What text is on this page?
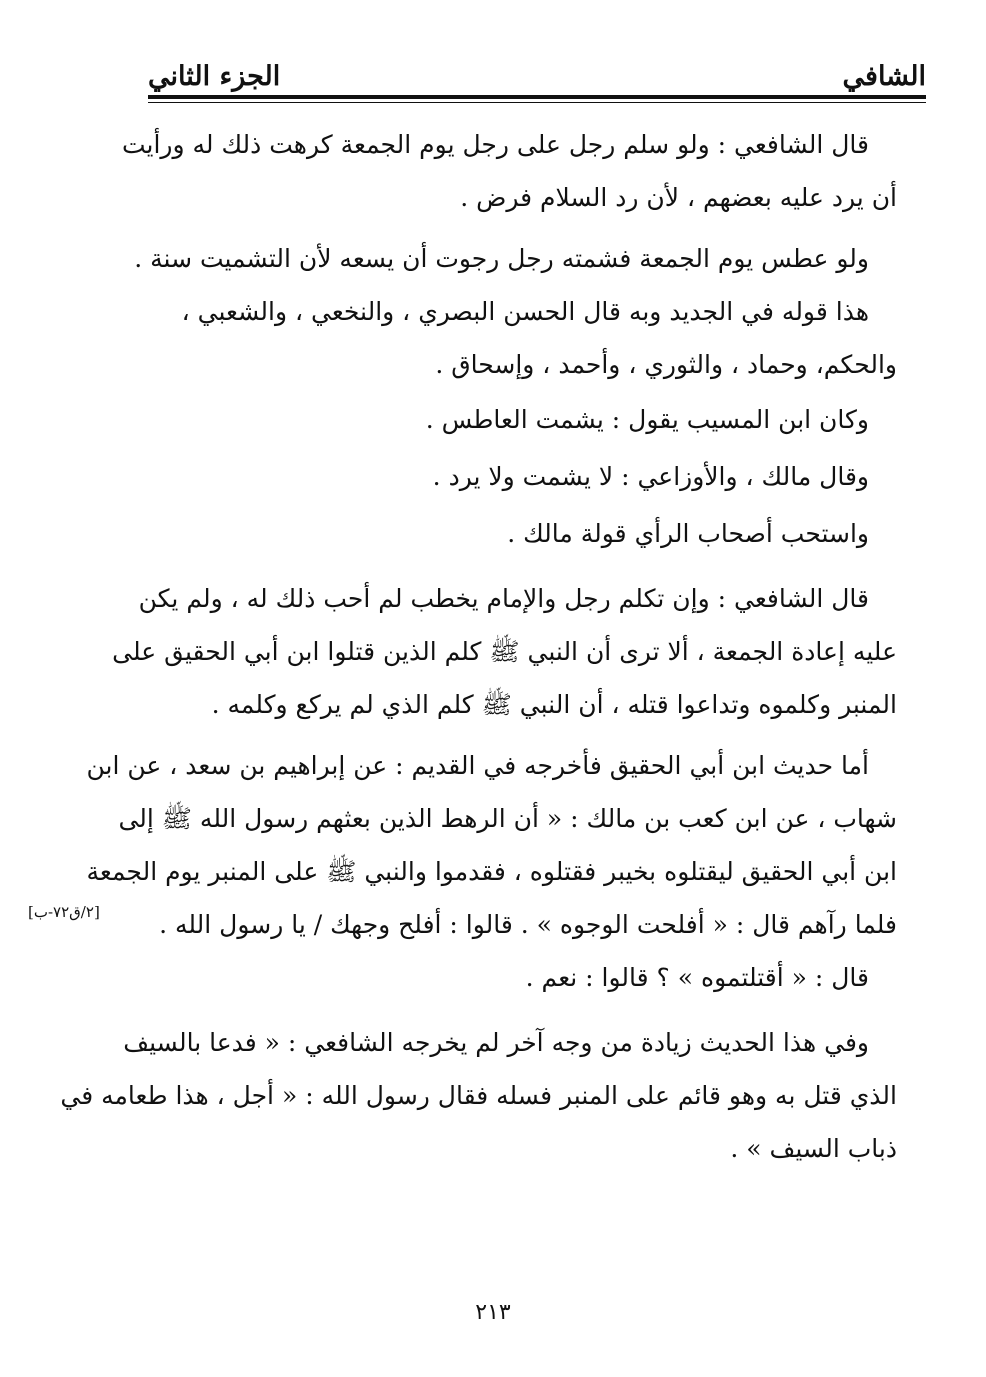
الشافي
الجزء الثاني
قال الشافعي : ولو سلم رجل على رجل يوم الجمعة كرهت ذلك له ورأيت
أن يرد عليه بعضهم ، لأن رد السلام فرض .
ولو عطس يوم الجمعة فشمته رجل رجوت أن يسعه لأن التشميت سنة .
هذا قوله في الجديد وبه قال الحسن البصري ، والنخعي ، والشعبي ،
والحكم، وحماد ، والثوري ، وأحمد ، وإسحاق .
وكان ابن المسيب يقول : يشمت العاطس .
وقال مالك ، والأوزاعي : لا يشمت ولا يرد .
واستحب أصحاب الرأي قولة مالك .
قال الشافعي : وإن تكلم رجل والإمام يخطب لم أحب ذلك له ، ولم يكن
عليه إعادة الجمعة ، ألا ترى أن النبي ﷺ كلم الذين قتلوا ابن أبي الحقيق على
المنبر وكلموه وتداعوا قتله ، أن النبي ﷺ كلم الذي لم يركع وكلمه .
أما حديث ابن أبي الحقيق فأخرجه في القديم : عن إبراهيم بن سعد ، عن ابن
شهاب ، عن ابن كعب بن مالك : « أن الرهط الذين بعثهم رسول الله ﷺ إلى
ابن أبي الحقيق ليقتلوه بخيبر فقتلوه ، فقدموا والنبي ﷺ على المنبر يوم الجمعة
فلما رآهم قال : « أفلحت الوجوه » . قالوا : أفلح وجهك / يا رسول الله .
قال : « أقتلتموه » ؟ قالوا : نعم .
وفي هذا الحديث زيادة من وجه آخر لم يخرجه الشافعي : « فدعا بالسيف
الذي قتل به وهو قائم على المنبر فسله فقال رسول الله : « أجل ، هذا طعامه في
ذباب السيف » .
[٢/ق٧٢-ب]
٢١٣
